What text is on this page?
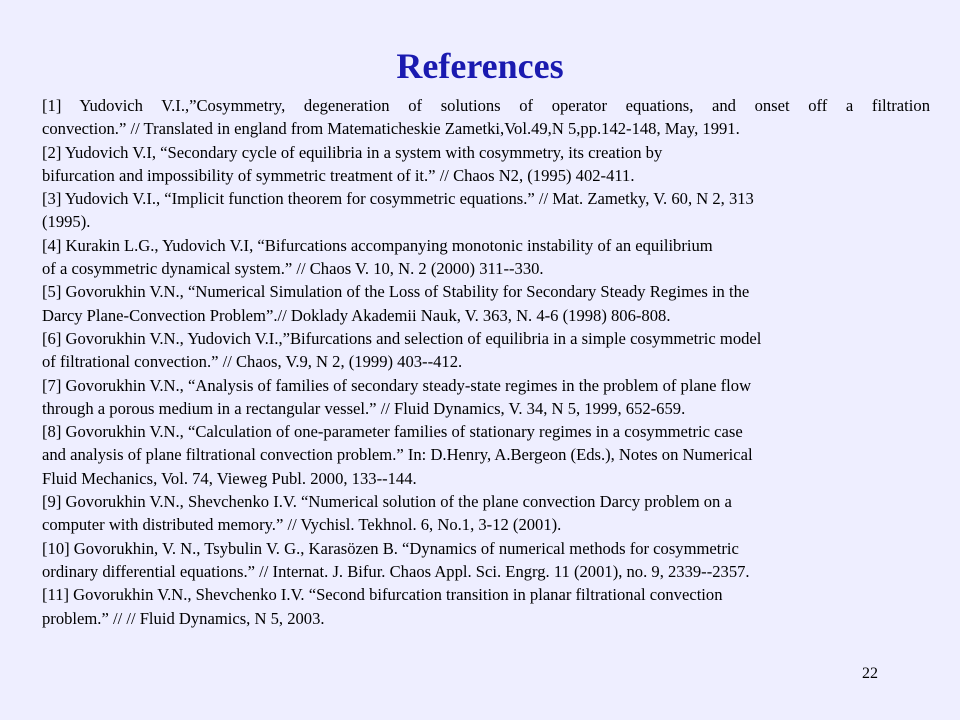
References
[1] Yudovich V.I.,”Cosymmetry, degeneration of solutions of operator equations, and onset off a filtration
convection.” // Translated in england from Matematicheskie Zametki,Vol.49,N 5,pp.142-148, May, 1991.
[2] Yudovich V.I, “Secondary cycle of equilibria in a system with cosymmetry, its creation by
bifurcation and impossibility of symmetric treatment of it.” // Chaos N2, (1995) 402-411.
[3] Yudovich V.I., “Implicit function theorem for cosymmetric equations.” // Mat. Zametky, V. 60, N 2, 313
(1995).
[4] Kurakin L.G., Yudovich V.I, “Bifurcations accompanying monotonic instability of an equilibrium
of a cosymmetric dynamical system.” // Chaos V. 10, N. 2 (2000) 311--330.
[5] Govorukhin V.N., “Numerical Simulation of the Loss of Stability for Secondary Steady Regimes in the
Darcy Plane-Convection Problem”.// Doklady Akademii Nauk, V. 363, N. 4-6 (1998) 806-808.
[6] Govorukhin V.N., Yudovich V.I.,”Bifurcations and selection of equilibria in a simple cosymmetric model
of filtrational convection.” // Chaos, V.9, N 2, (1999) 403--412.
[7] Govorukhin V.N., “Analysis of families of secondary steady-state regimes in the problem of plane flow
through a porous medium in a rectangular vessel.” // Fluid Dynamics, V. 34, N 5, 1999, 652-659.
[8] Govorukhin V.N., “Calculation of one-parameter families of stationary regimes in a cosymmetric case
and analysis of plane filtrational convection problem.” In: D.Henry, A.Bergeon (Eds.), Notes on Numerical
Fluid Mechanics, Vol. 74, Vieweg Publ. 2000, 133--144.
[9] Govorukhin V.N., Shevchenko I.V. “Numerical solution of the plane convection Darcy problem on a
computer with distributed memory.” // Vychisl. Tekhnol. 6, No.1, 3-12 (2001).
[10] Govorukhin, V. N., Tsybulin V. G., Karasözen B. “Dynamics of numerical methods for cosymmetric
ordinary differential equations.” // Internat. J. Bifur. Chaos Appl. Sci. Engrg. 11 (2001), no. 9, 2339--2357.
[11] Govorukhin V.N., Shevchenko I.V. “Second bifurcation transition in planar filtrational convection
problem.” // // Fluid Dynamics, N 5, 2003.
22
